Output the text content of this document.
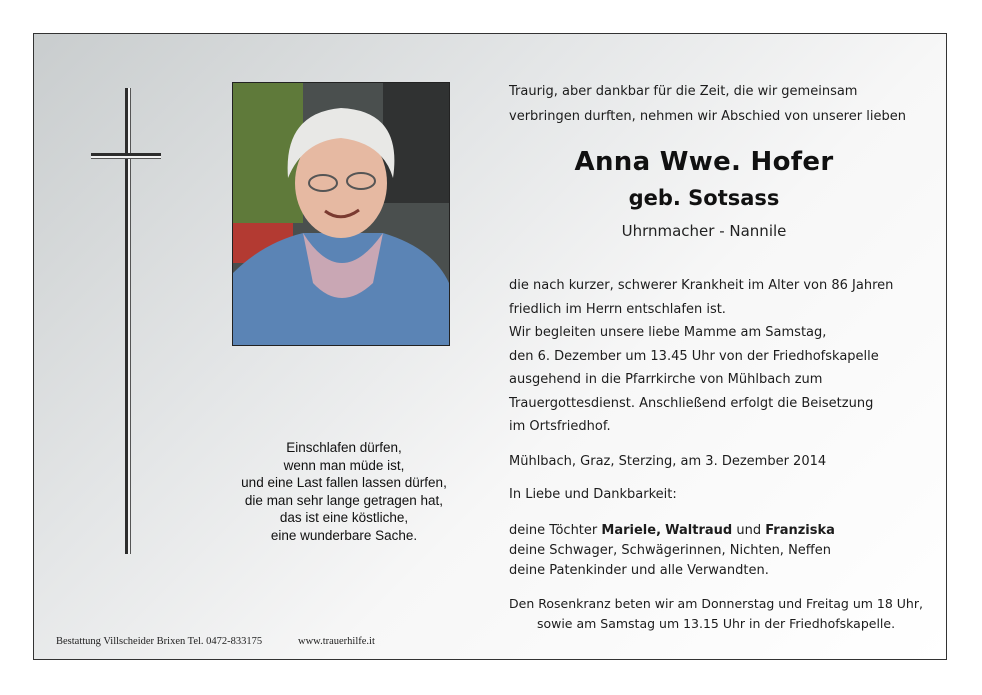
Einschlafen dürfen,
wenn man müde ist,
und eine Last fallen lassen dürfen,
die man sehr lange getragen hat,
das ist eine köstliche,
eine wunderbare Sache.
Traurig, aber dankbar für die Zeit, die wir gemeinsam
verbringen durften, nehmen wir Abschied von unserer lieben
Anna Wwe. Hofer
geb. Sotsass
Uhrnmacher - Nannile
die nach kurzer, schwerer Krankheit im Alter von 86 Jahren
friedlich im Herrn entschlafen ist.
Wir begleiten unsere liebe Mamme am Samstag,
den 6. Dezember um 13.45 Uhr von der Friedhofskapelle
ausgehend in die Pfarrkirche von Mühlbach zum
Trauergottesdienst. Anschließend erfolgt die Beisetzung
im Ortsfriedhof.
Mühlbach, Graz, Sterzing, am 3. Dezember 2014
In Liebe und Dankbarkeit:
deine Töchter Mariele, Waltraud und Franziska
deine Schwager, Schwägerinnen, Nichten, Neffen
deine Patenkinder und alle Verwandten.
Den Rosenkranz beten wir am Donnerstag und Freitag um 18 Uhr,
sowie am Samstag um 13.15 Uhr in der Friedhofskapelle.
Bestattung Villscheider Brixen Tel. 0472-833175	www.trauerhilfe.it
